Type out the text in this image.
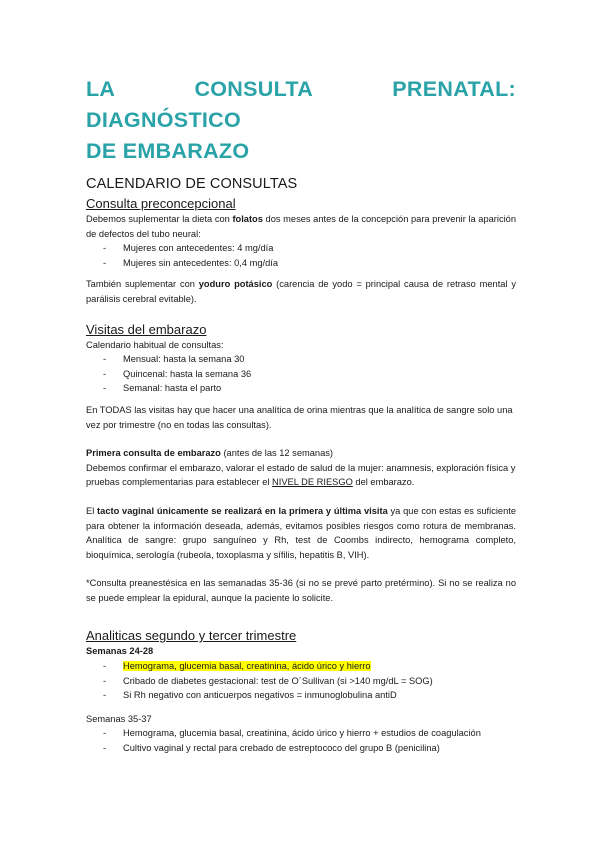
LA CONSULTA PRENATAL: DIAGNÓSTICO
DE EMBARAZO
CALENDARIO DE CONSULTAS
Consulta preconcepcional

Debemos suplementar la dieta con folatos dos meses antes de la concepción para prevenir la aparición de defectos del tubo neural:

- Mujeres con antecedentes: 4 mg/día
- Mujeres sin antecedentes: 0,4 mg/día

También suplementar con yoduro potásico (carencia de yodo = principal causa de retraso mental y parálisis cerebral evitable).

Visitas del embarazo

Calendario habitual de consultas:

- Mensual: hasta la semana 30
- Quincenal: hasta la semana 36
- Semanal: hasta el parto

En TODAS las visitas hay que hacer una analítica de orina mientras que la analítica de sangre solo una vez por trimestre (no en todas las consultas).

Primera consulta de embarazo (antes de las 12 semanas)

Debemos confirmar el embarazo, valorar el estado de salud de la mujer: anamnesis, exploración física y pruebas complementarias para establecer el NIVEL DE RIESGO del embarazo.

El tacto vaginal únicamente se realizará en la primera y última visita ya que con estas es suficiente para obtener la información deseada, además, evitamos posibles riesgos como rotura de membranas. Analítica de sangre: grupo sanguíneo y Rh, test de Coombs indirecto, hemograma completo, bioquímica, serología (rubeola, toxoplasma y sífilis, hepatitis B, VIH).

*Consulta preanestésica en las semanadas 35-36 (si no se prevé parto pretérmino). Si no se realiza no se puede emplear la epidural, aunque la paciente lo solicite.

Analiticas segundo y tercer trimestre

Semanas 24-28

- Hemograma, glucemia basal, creatinina, ácido úrico y hierro
- Cribado de diabetes gestacional: test de O´Sullivan (si >140 mg/dL = SOG)
- Si Rh negativo con anticuerpos negativos = inmunoglobulina antiD

Semanas 35-37

- Hemograma, glucemia basal, creatinina, ácido úrico y hierro + estudios de coagulación
- Cultivo vaginal y rectal para crebado de estreptococo del grupo B (penicilina)
